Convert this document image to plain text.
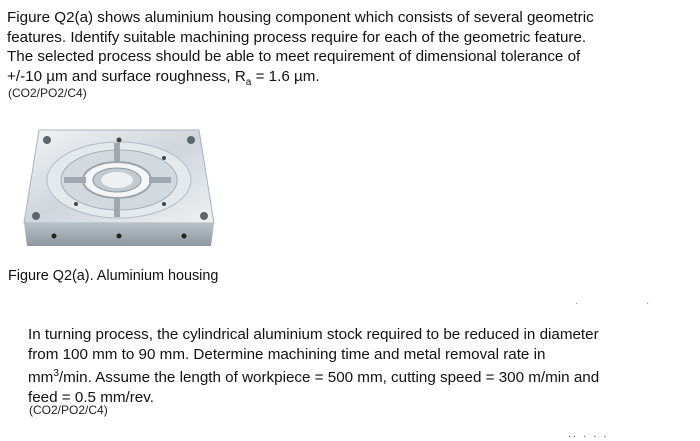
Figure Q2(a) shows aluminium housing component which consists of several geometric
features. Identify suitable machining process require for each of the geometric feature.
The selected process should be able to meet requirement of dimensional tolerance of
+/-10 µm and surface roughness, $R_a = 1.6$ µm.
(CO2/PO2/C4)
Figure Q2(a). Aluminium housing
·	·
In turning process, the cylindrical aluminium stock required to be reduced in diameter
from 100 mm to 90 mm. Determine machining time and metal removal rate in
$mm^3/\min$. Assume the length of workpiece = 500 mm, cutting speed = 300 m/min and
feed = 0.5 mm/rev.
(CO2/PO2/C4)
.. . . .
